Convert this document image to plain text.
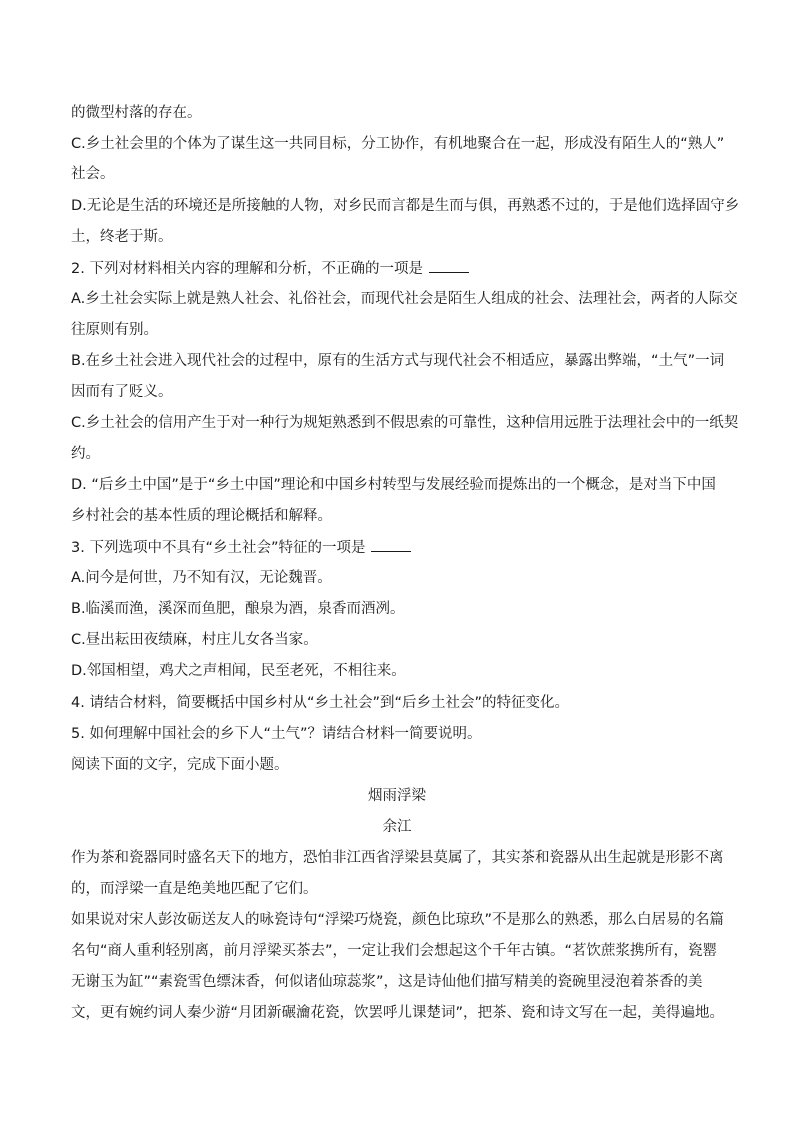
的微型村落的存在。
C.乡土社会里的个体为了谋生这一共同目标，分工协作，有机地聚合在一起，形成没有陌生人的“熟人”
社会。
D.无论是生活的环境还是所接触的人物，对乡民而言都是生而与俱，再熟悉不过的，于是他们选择固守乡
土，终老于斯。
2. 下列对材料相关内容的理解和分析，不正确的一项是
A.乡土社会实际上就是熟人社会、礼俗社会，而现代社会是陌生人组成的社会、法理社会，两者的人际交
往原则有别。
B.在乡土社会进入现代社会的过程中，原有的生活方式与现代社会不相适应，暴露出弊端，“土气”一词
因而有了贬义。
C.乡土社会的信用产生于对一种行为规矩熟悉到不假思索的可靠性，这种信用远胜于法理社会中的一纸契
约。
D. “后乡土中国”是于“乡土中国”理论和中国乡村转型与发展经验而提炼出的一个概念，是对当下中国
乡村社会的基本性质的理论概括和解释。
3. 下列选项中不具有“乡土社会”特征的一项是
A.问今是何世，乃不知有汉，无论魏晋。
B.临溪而渔，溪深而鱼肥，酿泉为酒，泉香而酒冽。
C.昼出耘田夜绩麻，村庄儿女各当家。
D.邻国相望，鸡犬之声相闻，民至老死，不相往来。
4. 请结合材料，简要概括中国乡村从“乡土社会”到“后乡土社会”的特征变化。
5. 如何理解中国社会的乡下人“土气”？请结合材料一简要说明。
阅读下面的文字，完成下面小题。
烟雨浮梁
余江
作为茶和瓷器同时盛名天下的地方，恐怕非江西省浮梁县莫属了，其实茶和瓷器从出生起就是形影不离
的，而浮梁一直是绝美地匹配了它们。
如果说对宋人彭汝砺送友人的咏瓷诗句“浮梁巧烧瓷，颜色比琼玖”不是那么的熟悉，那么白居易的名篇
名句“商人重利轻别离，前月浮梁买茶去”，一定让我们会想起这个千年古镇。“茗饮蔗浆携所有，瓷罂
无谢玉为缸”“素瓷雪色缥沫香，何似诸仙琼蕊浆”，这是诗仙他们描写精美的瓷碗里浸泡着茶香的美
文，更有婉约词人秦少游“月团新碾瀹花瓷，饮罢呼儿课楚词”，把茶、瓷和诗文写在一起，美得遍地。
